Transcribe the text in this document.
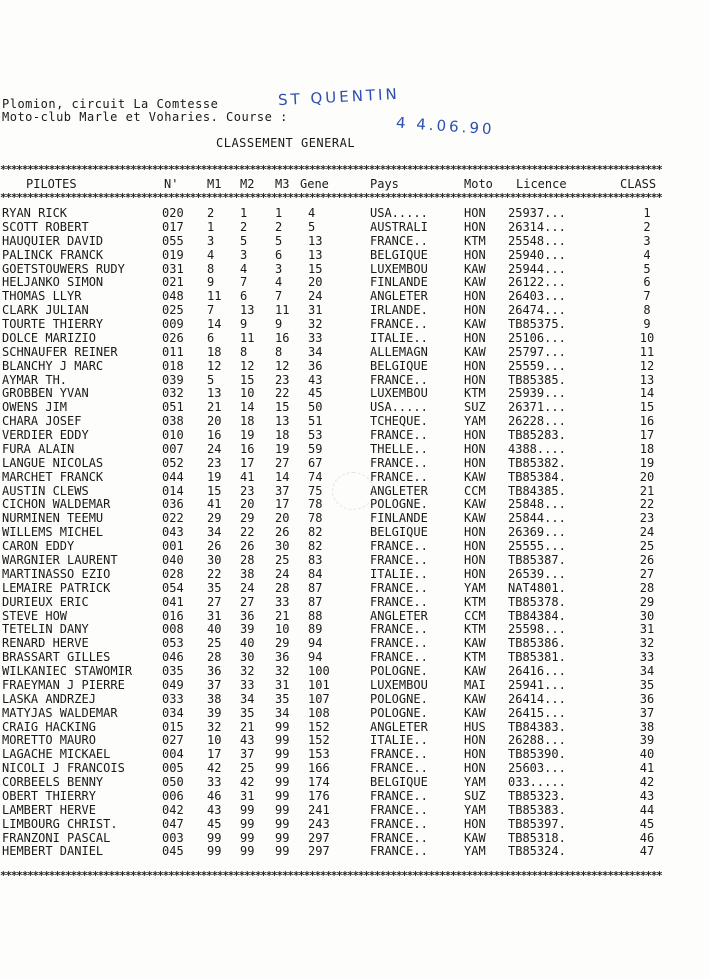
Plomion, circuit La Comtesse
Moto-club Marle et Voharies. Course :
CLASSEMENT GENERAL
ST QUENTIN
4 4.06.90
**************************************************************************************************************************
PILOTES	N' M1 M2 M3 Gene	Pays	Moto Licence	CLASS
**************************************************************************************************************************
RYAN RICK	020 2 1 1 4	USA.....	HON 25937...	1
SCOTT ROBERT	017 1 2 2 5	AUSTRALI	HON 26314...	2
HAUQUIER DAVID	055 3 5 5 13	FRANCE..	KTM 25548...	3
PALINCK FRANCK	019 4 3 6 13	BELGIQUE	HON 25940...	4
GOETSTOUWERS RUDY	031 8 4 3 15	LUXEMBOU	KAW 25944...	5
HELJANKO SIMON	021 9 7 4 20	FINLANDE	KAW 26122...	6
THOMAS LLYR	048 11 6 7 24	ANGLETER	HON 26403...	7
CLARK JULIAN	025 7 13 11 31	IRLANDE.	HON 26474...	8
TOURTE THIERRY	009 14 9 9 32	FRANCE..	KAW TB85375.	9
DOLCE MARIZIO	026 6 11 16 33	ITALIE..	HON 25106...	10
SCHNAUFER REINER	011 18 8 8 34	ALLEMAGN	KAW 25797...	11
BLANCHY J MARC	018 12 12 12 36	BELGIQUE	HON 25559...	12
AYMAR TH.	039 5 15 23 43	FRANCE..	HON TB85385.	13
GROBBEN YVAN	032 13 10 22 45	LUXEMBOU	KTM 25939...	14
OWENS JIM	051 21 14 15 50	USA.....	SUZ 26371...	15
CHARA JOSEF	038 20 18 13 51	TCHEQUE.	YAM 26228...	16
VERDIER EDDY	010 16 19 18 53	FRANCE..	HON TB85283.	17
FURA ALAIN	007 24 16 19 59	THELLE..	HON 4388....	18
LANGUE NICOLAS	052 23 17 27 67	FRANCE..	HON TB85382.	19
MARCHET FRANCK	044 19 41 14 74	FRANCE..	KAW TB85384.	20
AUSTIN CLEWS	014 15 23 37 75	ANGLETER	CCM TB84385.	21
CICHON WALDEMAR	036 41 20 17 78	POLOGNE.	KAW 25848...	22
NURMINEN TEEMU	022 29 29 20 78	FINLANDE	KAW 25844...	23
WILLEMS MICHEL	043 34 22 26 82	BELGIQUE	HON 26369...	24
CARON EDDY	001 26 26 30 82	FRANCE..	HON 25555...	25
WARGNIER LAURENT	040 30 28 25 83	FRANCE..	HON TB85387.	26
MARTINASSO EZIO	028 22 38 24 84	ITALIE..	HON 26539...	27
LEMAIRE PATRICK	054 35 24 28 87	FRANCE..	YAM NAT4801.	28
DURIEUX ERIC	041 27 27 33 87	FRANCE..	KTM TB85378.	29
STEVE HOW	016 31 36 21 88	ANGLETER	CCM TB84384.	30
TETELIN DANY	008 40 39 10 89	FRANCE..	KTM 25598...	31
RENARD HERVE	053 25 40 29 94	FRANCE..	KAW TB85386.	32
BRASSART GILLES	046 28 30 36 94	FRANCE..	KTM TB85381.	33
WILKANIEC STAWOMIR 035 36 32 32 100	POLOGNE.	KAW 26416...	34
FRAEYMAN J PIERRE	049 37 33 31 101	LUXEMBOU	MAI 25941...	35
LASKA ANDRZEJ	033 38 34 35 107	POLOGNE.	KAW 26414...	36
MATYJAS WALDEMAR	034 39 35 34 108	POLOGNE.	KAW 26415...	37
CRAIG HACKING	015 32 21 99 152	ANGLETER	HUS TB84383.	38
MORETTO MAURO	027 10 43 99 152	ITALIE..	HON 26288...	39
LAGACHE MICKAEL	004 17 37 99 153	FRANCE..	HON TB85390.	40
NICOLI J FRANCOIS	005 42 25 99 166	FRANCE..	HON 25603...	41
CORBEELS BENNY	050 33 42 99 174	BELGIQUE	YAM 033.....	42
OBERT THIERRY	006 46 31 99 176	FRANCE..	SUZ TB85323.	43
LAMBERT HERVE	042 43 99 99 241	FRANCE..	YAM TB85383.	44
LIMBOURG CHRIST.	047 45 99 99 243	FRANCE..	HON TB85397.	45
FRANZONI PASCAL	003 99 99 99 297	FRANCE..	KAW TB85318.	46
HEMBERT DANIEL	045 99 99 99 297	FRANCE..	YAM TB85324.	47
**************************************************************************************************************************
